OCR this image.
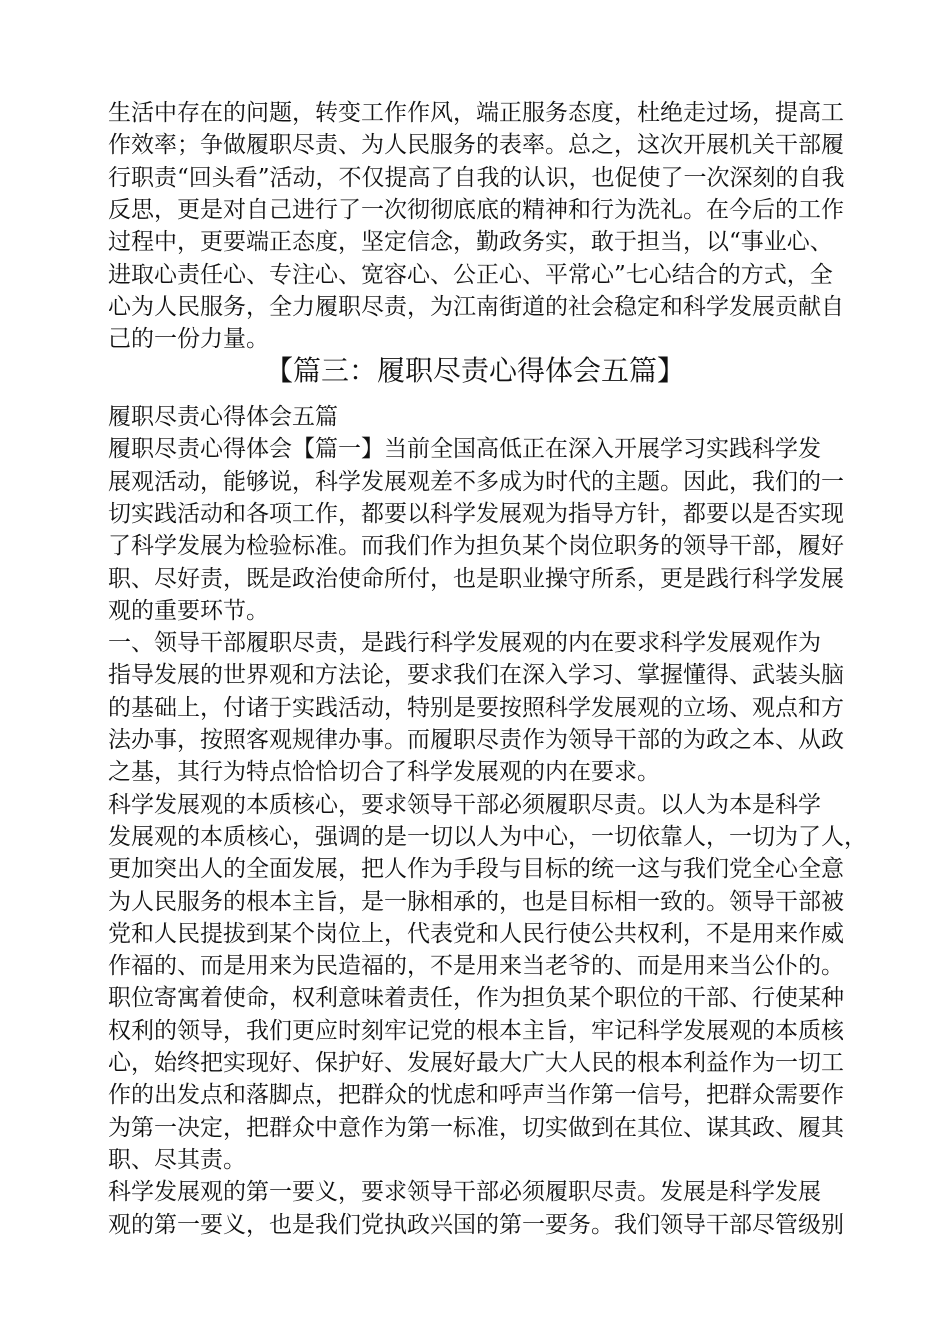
生活中存在的问题，转变工作作风，端正服务态度，杜绝走过场，提高工
作效率；争做履职尽责、为人民服务的表率。总之，这次开展机关干部履
行职责“回头看”活动，不仅提高了自我的认识，也促使了一次深刻的自我
反思，更是对自己进行了一次彻彻底底的精神和行为洗礼。在今后的工作
过程中，更要端正态度，坚定信念，勤政务实，敢于担当，以“事业心、
进取心责任心、专注心、宽容心、公正心、平常心”七心结合的方式，全
心为人民服务，全力履职尽责，为江南街道的社会稳定和科学发展贡献自
己的一份力量。
【篇三：履职尽责心得体会五篇】
履职尽责心得体会五篇
履职尽责心得体会【篇一】当前全国高低正在深入开展学习实践科学发
展观活动，能够说，科学发展观差不多成为时代的主题。因此，我们的一
切实践活动和各项工作，都要以科学发展观为指导方针，都要以是否实现
了科学发展为检验标准。而我们作为担负某个岗位职务的领导干部，履好
职、尽好责，既是政治使命所付，也是职业操守所系，更是践行科学发展
观的重要环节。
一、领导干部履职尽责，是践行科学发展观的内在要求科学发展观作为
指导发展的世界观和方法论，要求我们在深入学习、掌握懂得、武装头脑
的基础上，付诸于实践活动，特别是要按照科学发展观的立场、观点和方
法办事，按照客观规律办事。而履职尽责作为领导干部的为政之本、从政
之基，其行为特点恰恰切合了科学发展观的内在要求。
科学发展观的本质核心，要求领导干部必须履职尽责。以人为本是科学
发展观的本质核心，强调的是一切以人为中心，一切依靠人，一切为了人，
更加突出人的全面发展，把人作为手段与目标的统一这与我们党全心全意
为人民服务的根本主旨，是一脉相承的，也是目标相一致的。领导干部被
党和人民提拔到某个岗位上，代表党和人民行使公共权利，不是用来作威
作福的、而是用来为民造福的，不是用来当老爷的、而是用来当公仆的。
职位寄寓着使命，权利意味着责任，作为担负某个职位的干部、行使某种
权利的领导，我们更应时刻牢记党的根本主旨，牢记科学发展观的本质核
心，始终把实现好、保护好、发展好最大广大人民的根本利益作为一切工
作的出发点和落脚点，把群众的忧虑和呼声当作第一信号，把群众需要作
为第一决定，把群众中意作为第一标准，切实做到在其位、谋其政、履其
职、尽其责。
科学发展观的第一要义，要求领导干部必须履职尽责。发展是科学发展
观的第一要义，也是我们党执政兴国的第一要务。我们领导干部尽管级别
